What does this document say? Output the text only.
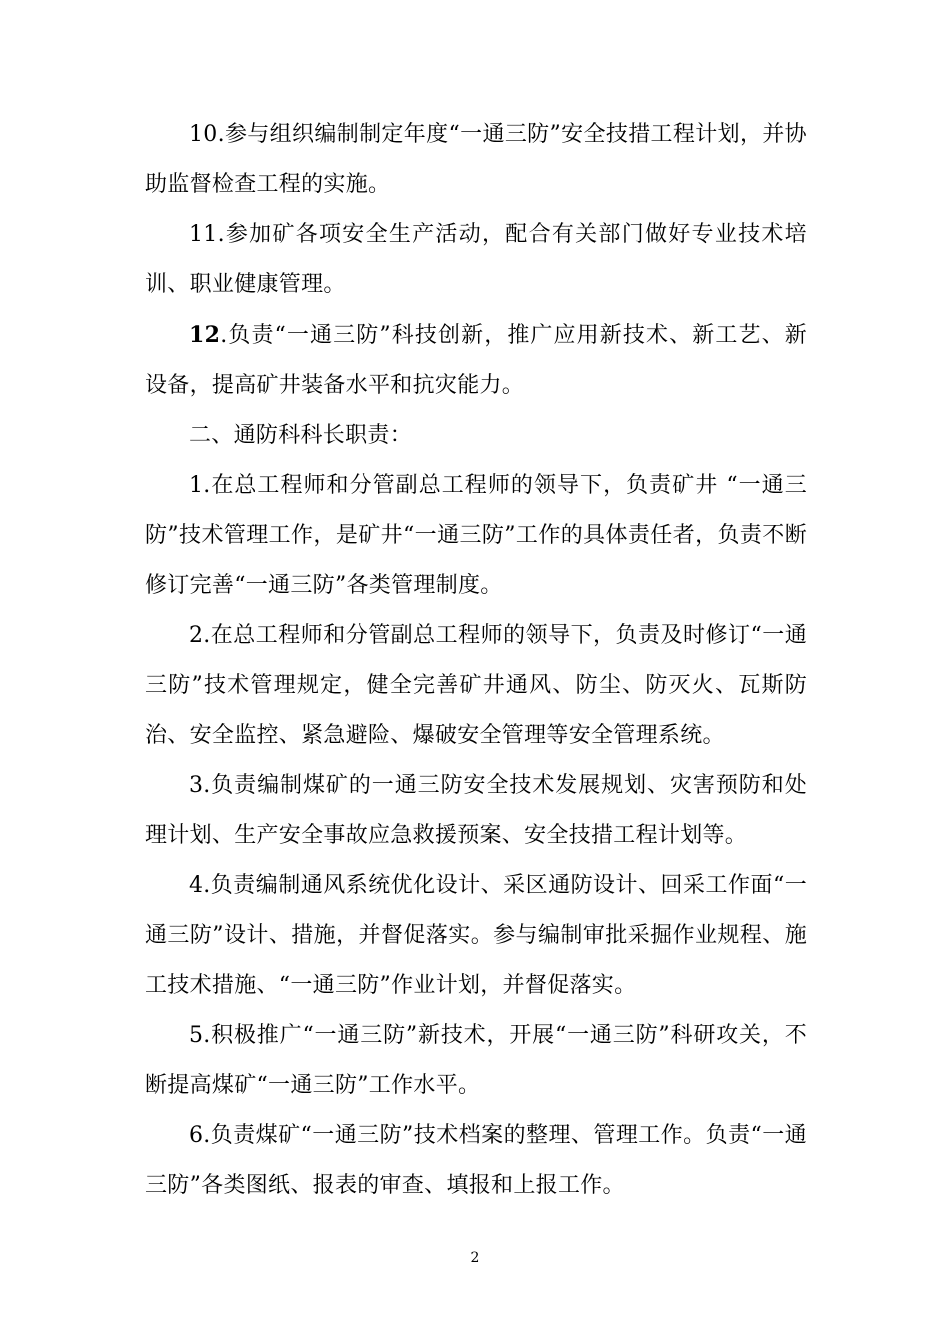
10.参与组织编制制定年度“一通三防”安全技措工程计划，并协助监督检查工程的实施。

11.参加矿各项安全生产活动，配合有关部门做好专业技术培训、职业健康管理。

12.负责“一通三防”科技创新，推广应用新技术、新工艺、新设备，提高矿井装备水平和抗灾能力。

二、通防科科长职责：

1.在总工程师和分管副总工程师的领导下，负责矿井 “一通三防”技术管理工作，是矿井“一通三防”工作的具体责任者，负责不断修订完善“一通三防”各类管理制度。

2.在总工程师和分管副总工程师的领导下，负责及时修订“一通三防”技术管理规定，健全完善矿井通风、防尘、防灭火、瓦斯防治、安全监控、紧急避险、爆破安全管理等安全管理系统。

3.负责编制煤矿的一通三防安全技术发展规划、灾害预防和处理计划、生产安全事故应急救援预案、安全技措工程计划等。

4.负责编制通风系统优化设计、采区通防设计、回采工作面“一通三防”设计、措施，并督促落实。参与编制审批采掘作业规程、施工技术措施、“一通三防”作业计划，并督促落实。

5.积极推广“一通三防”新技术，开展“一通三防”科研攻关，不断提高煤矿“一通三防”工作水平。

6.负责煤矿“一通三防”技术档案的整理、管理工作。负责“一通三防”各类图纸、报表的审查、填报和上报工作。

2
